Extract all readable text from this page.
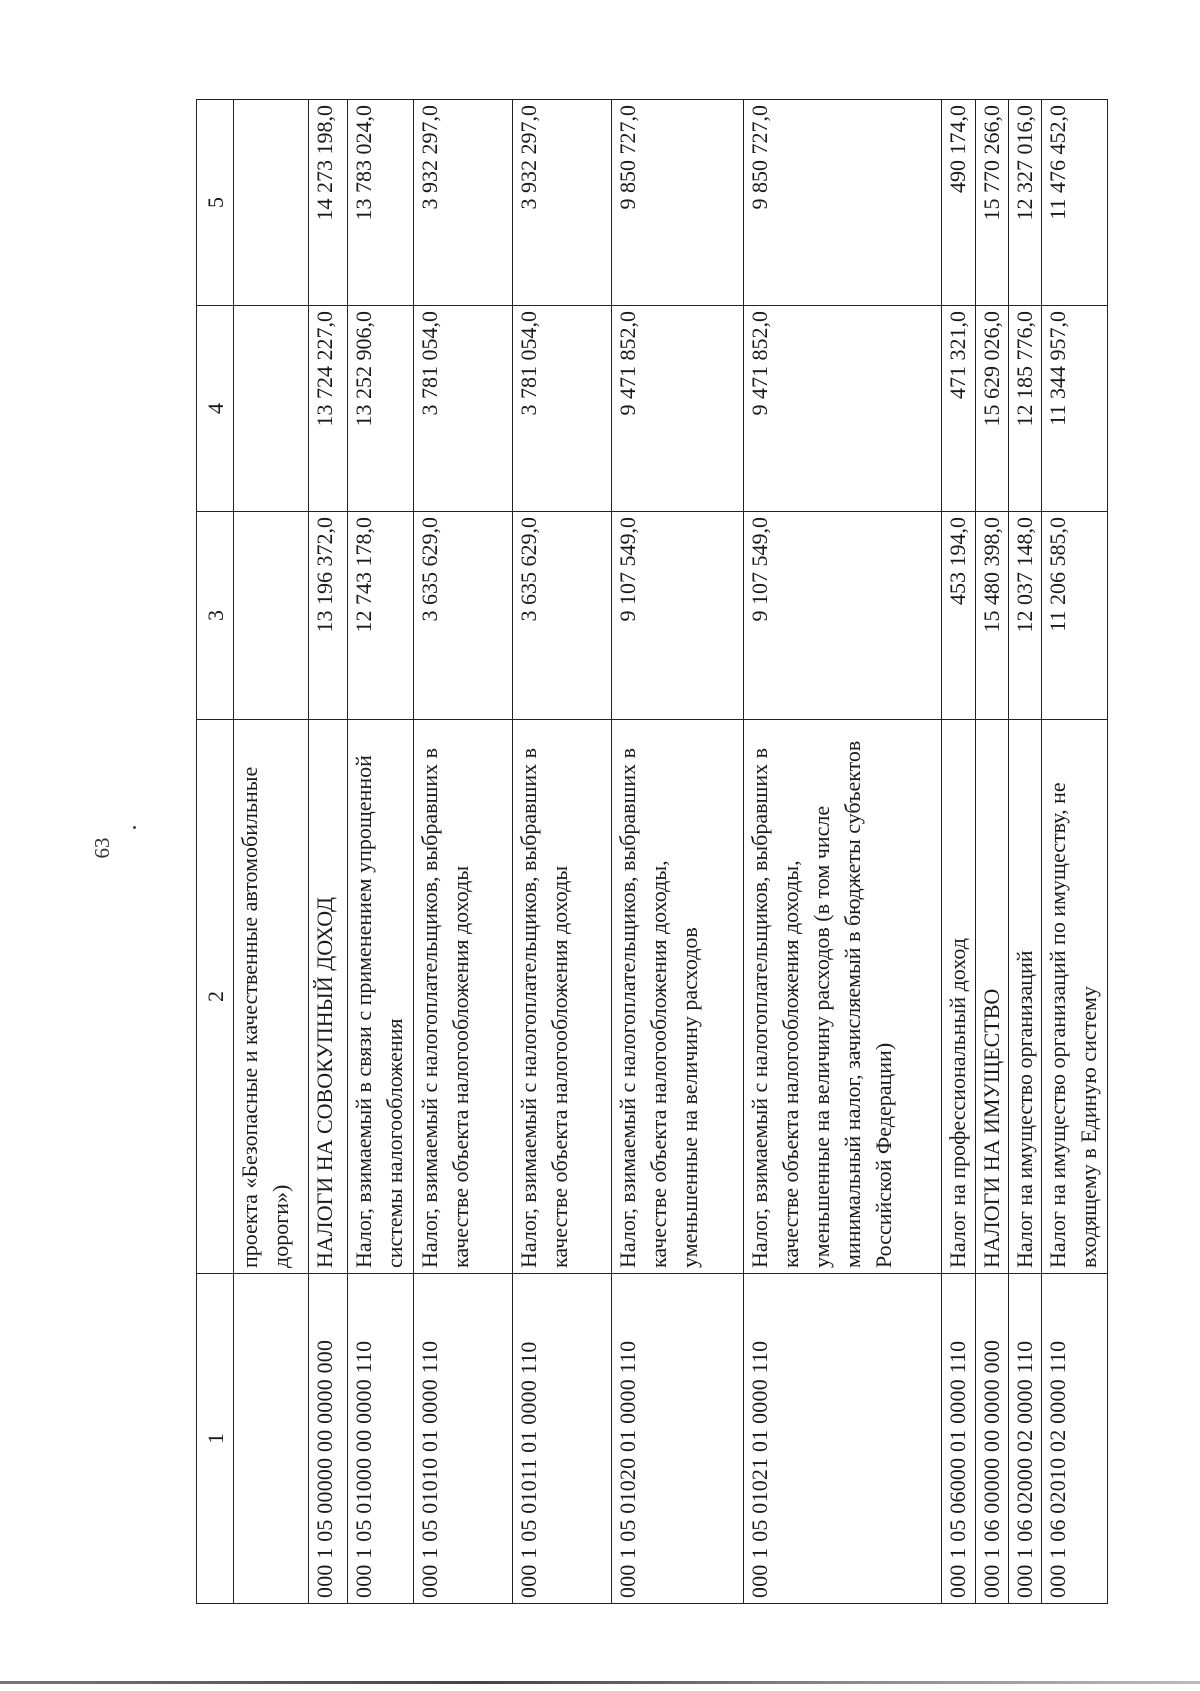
63
1	2	3	4	5
	проекта «Безопасные и качественные автомобильные дороги»)			
000 1 05 00000 00 0000 000	НАЛОГИ НА СОВОКУПНЫЙ ДОХОД	13 196 372,0	13 724 227,0	14 273 198,0
000 1 05 01000 00 0000 110	Налог, взимаемый в связи с применением упрощенной системы налогообложения	12 743 178,0	13 252 906,0	13 783 024,0
000 1 05 01010 01 0000 110	Налог, взимаемый с налогоплательщиков, выбравших в качестве объекта налогообложения доходы	3 635 629,0	3 781 054,0	3 932 297,0
000 1 05 01011 01 0000 110	Налог, взимаемый с налогоплательщиков, выбравших в качестве объекта налогообложения доходы	3 635 629,0	3 781 054,0	3 932 297,0
000 1 05 01020 01 0000 110	Налог, взимаемый с налогоплательщиков, выбравших в качестве объекта налогообложения доходы, уменьшенные на величину расходов	9 107 549,0	9 471 852,0	9 850 727,0
000 1 05 01021 01 0000 110	Налог, взимаемый с налогоплательщиков, выбравших в качестве объекта налогообложения доходы, уменьшенные на величину расходов (в том числе минимальный налог, зачисляемый в бюджеты субъектов Российской Федерации)	9 107 549,0	9 471 852,0	9 850 727,0
000 1 05 06000 01 0000 110	Налог на профессиональный доход	453 194,0	471 321,0	490 174,0
000 1 06 00000 00 0000 000	НАЛОГИ НА ИМУЩЕСТВО	15 480 398,0	15 629 026,0	15 770 266,0
000 1 06 02000 02 0000 110	Налог на имущество организаций	12 037 148,0	12 185 776,0	12 327 016,0
000 1 06 02010 02 0000 110	Налог на имущество организаций по имуществу, не входящему в Единую систему	11 206 585,0	11 344 957,0	11 476 452,0
